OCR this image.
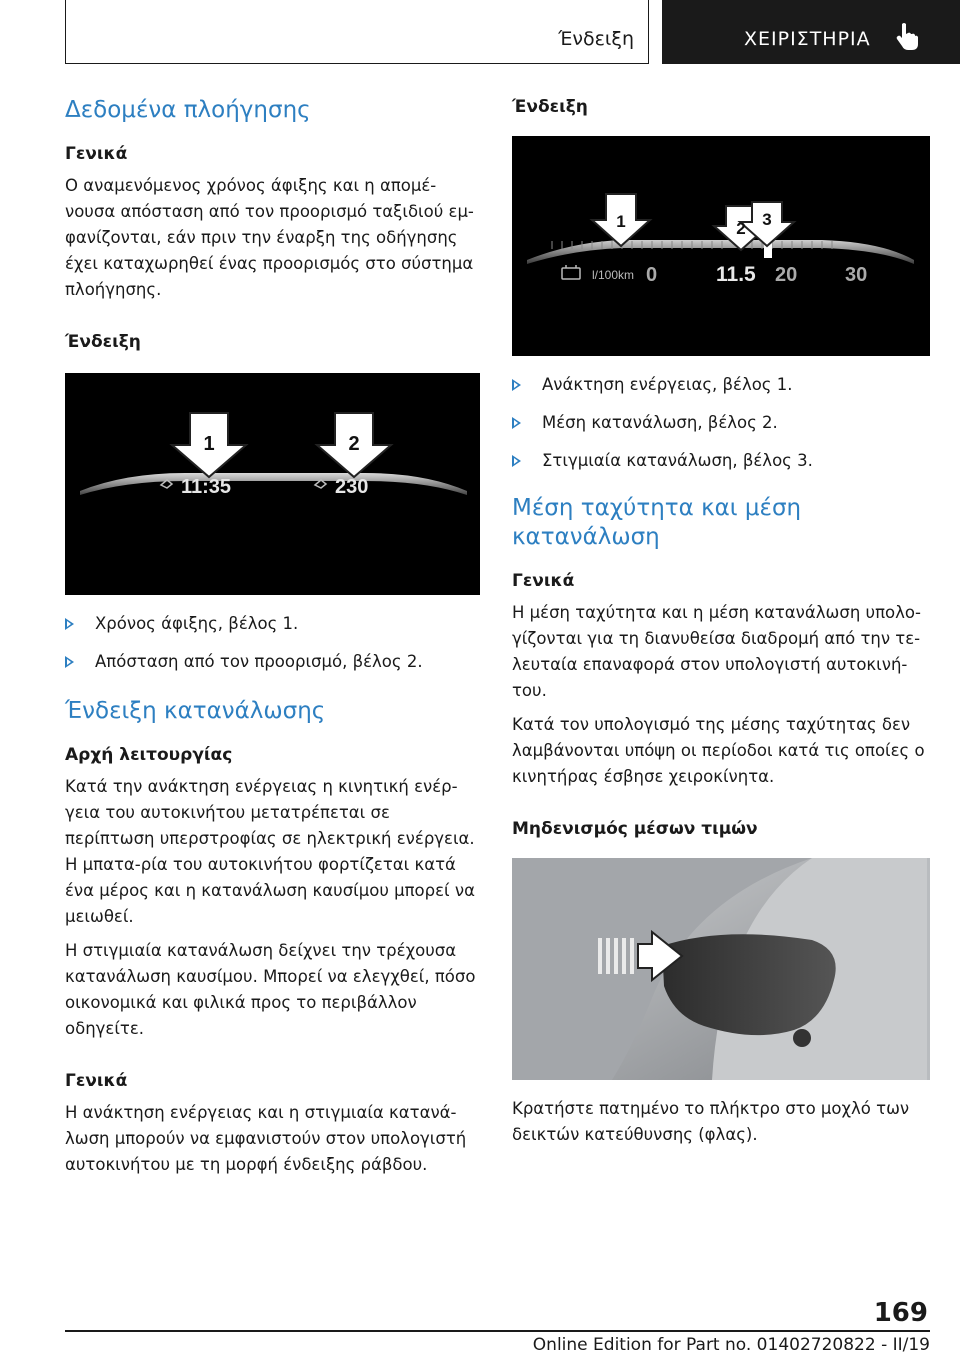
Ένδειξη	ΧΕΙΡΙΣΤΗΡΙΑ
Δεδομένα πλοήγησης
Γενικά

Ο αναμενόμενος χρόνος άφιξης και η απομέ-νουσα απόσταση από τον προορισμό ταξιδιού εμ-φανίζονται, εάν πριν την έναρξη της οδήγησης έχει καταχωρηθεί ένας προορισμός στο σύστημα πλοήγησης.

Ένδειξη
1	2
11:35	230
Χρόνος άφιξης, βέλος 1.
Απόσταση από τον προορισμό, βέλος 2.
Ένδειξη κατανάλωσης
Αρχή λειτουργίας

Κατά την ανάκτηση ενέργειας η κινητική ενέρ-γεια του αυτοκινήτου μετατρέπεται σε περίπτωση υπερστροφίας σε ηλεκτρική ενέργεια. Η μπατα-ρία του αυτοκινήτου φορτίζεται κατά ένα μέρος και η κατανάλωση καυσίμου μπορεί να μειωθεί.

Η στιγμιαία κατανάλωση δείχνει την τρέχουσα κατανάλωση καυσίμου. Μπορεί να ελεγχθεί, πόσο οικονομικά και φιλικά προς το περιβάλλον οδηγείτε.

Γενικά

Η ανάκτηση ενέργειας και η στιγμιαία κατανά-λωση μπορούν να εμφανιστούν στον υπολογιστή αυτοκινήτου με τη μορφή ένδειξης ράβδου.

Ένδειξη
1	2 3
l/100km 0	11.5 20 30
Ανάκτηση ενέργειας, βέλος 1.
Μέση κατανάλωση, βέλος 2.
Στιγμιαία κατανάλωση, βέλος 3.
Μέση ταχύτητα και μέση κατανάλωση
Γενικά

Η μέση ταχύτητα και η μέση κατανάλωση υπολο-γίζονται για τη διανυθείσα διαδρομή από την τε-λευταία επαναφορά στον υπολογιστή αυτοκινή-του.

Κατά τον υπολογισμό της μέσης ταχύτητας δεν λαμβάνονται υπόψη οι περίοδοι κατά τις οποίες ο κινητήρας έσβησε χειροκίνητα.

Μηδενισμός μέσων τιμών

Κρατήστε πατημένο το πλήκτρο στο μοχλό των δεικτών κατεύθυνσης (φλας).

169
Online Edition for Part no. 01402720822 - II/19
